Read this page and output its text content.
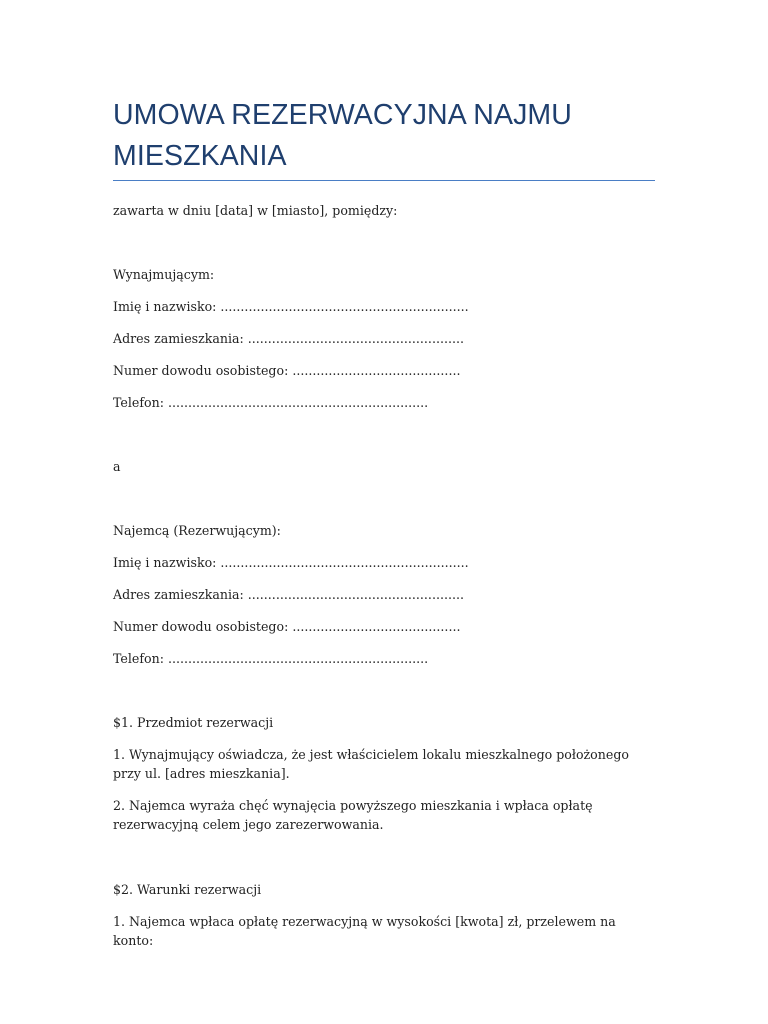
UMOWA REZERWACYJNA NAJMU MIESZKANIA

zawarta w dniu [data] w [miasto], pomiędzy:

Wynajmującym:

Imię i nazwisko: ..............................................................

Adres zamieszkania: ......................................................

Numer dowodu osobistego: ..........................................

Telefon: .................................................................

a

Najemcą (Rezerwującym):

Imię i nazwisko: ..............................................................

Adres zamieszkania: ......................................................

Numer dowodu osobistego: ..........................................

Telefon: .................................................................

$1. Przedmiot rezerwacji

1. Wynajmujący oświadcza, że jest właścicielem lokalu mieszkalnego położonego przy ul. [adres mieszkania].

2. Najemca wyraża chęć wynajęcia powyższego mieszkania i wpłaca opłatę rezerwacyjną celem jego zarezerwowania.

$2. Warunki rezerwacji

1. Najemca wpłaca opłatę rezerwacyjną w wysokości [kwota] zł, przelewem na konto:
